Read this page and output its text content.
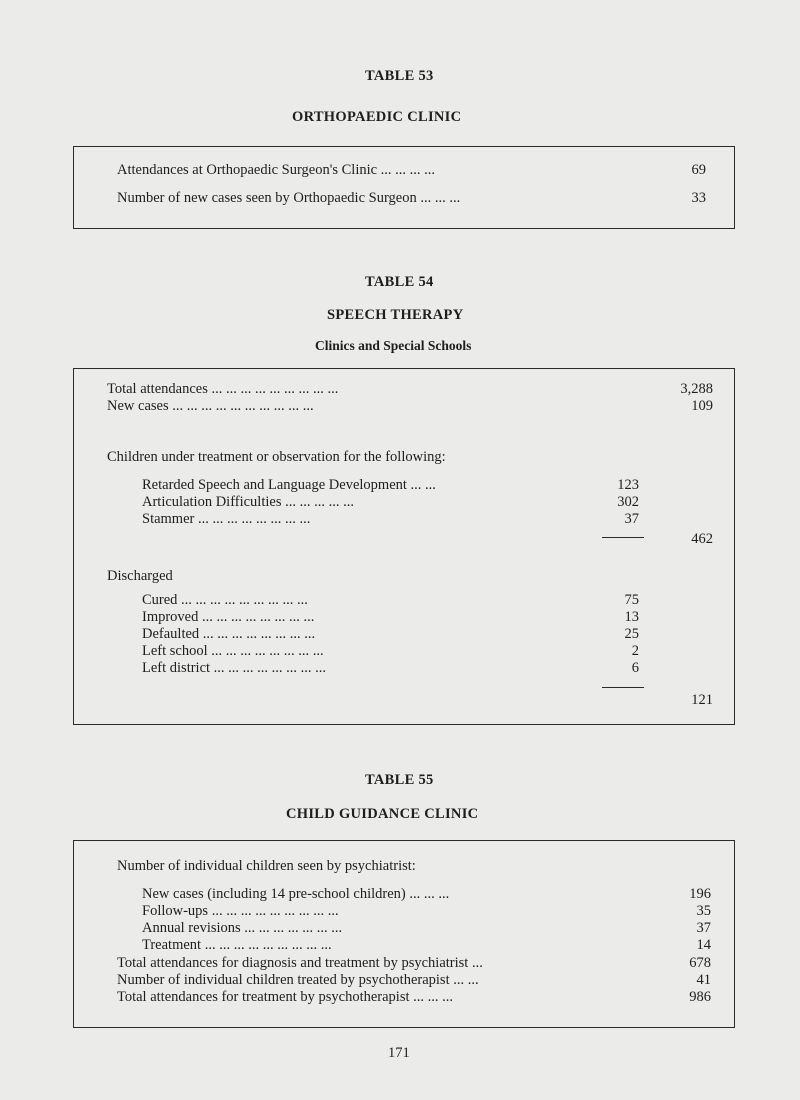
TABLE 53
ORTHOPAEDIC CLINIC
Attendances at Orthopaedic Surgeon's Clinic ... ... ... ...	69
Number of new cases seen by Orthopaedic Surgeon ... ... ...	33
TABLE 54
SPEECH THERAPY
Clinics and Special Schools
Total attendances ... ... ... ... ... ... ... ... ...	3,288
New cases ... ... ... ... ... ... ... ... ... ...	109
Children under treatment or observation for the following:
Retarded Speech and Language Development ... ...	123
Articulation Difficulties ... ... ... ... ...	302
Stammer ... ... ... ... ... ... ... ...	37
462
Discharged
Cured ... ... ... ... ... ... ... ... ...	75
Improved ... ... ... ... ... ... ... ...	13
Defaulted ... ... ... ... ... ... ... ...	25
Left school ... ... ... ... ... ... ... ...	2
Left district ... ... ... ... ... ... ... ...	6
121
TABLE 55
CHILD GUIDANCE CLINIC
Number of individual children seen by psychiatrist:
New cases (including 14 pre-school children) ... ... ...	196
Follow-ups ... ... ... ... ... ... ... ... ...	35
Annual revisions ... ... ... ... ... ... ...	37
Treatment ... ... ... ... ... ... ... ... ...	14
Total attendances for diagnosis and treatment by psychiatrist ...	678
Number of individual children treated by psychotherapist ... ...	41
Total attendances for treatment by psychotherapist ... ... ...	986
171
